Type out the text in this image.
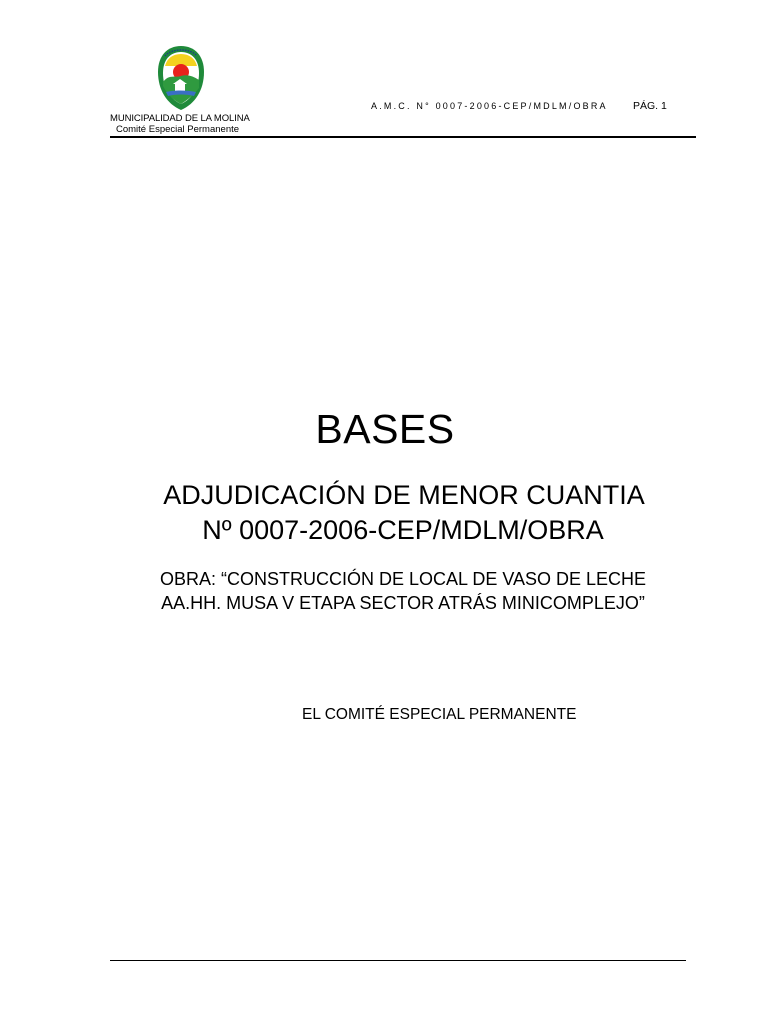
MUNICIPALIDAD DE LA MOLINA
Comité Especial Permanente
A.M.C. N° 0007-2006-CEP/MDLM/OBRA PÁG. 1
BASES
ADJUDICACIÓN DE MENOR CUANTIA
Nº 0007-2006-CEP/MDLM/OBRA
OBRA: “CONSTRUCCIÓN DE LOCAL DE VASO DE LECHE
AA.HH. MUSA V ETAPA SECTOR ATRÁS MINICOMPLEJO”
EL COMITÉ ESPECIAL PERMANENTE
